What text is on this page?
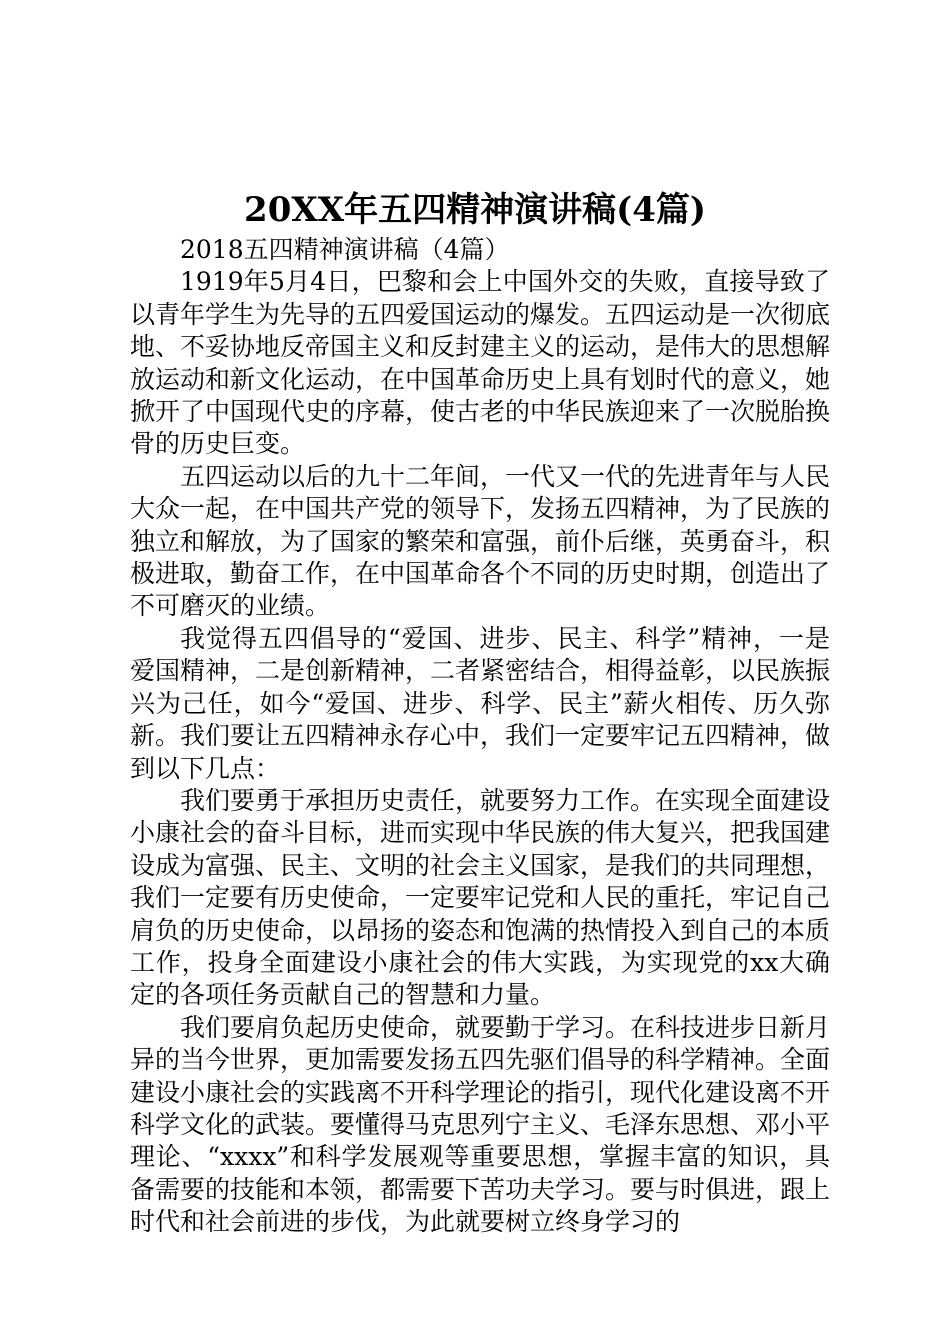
20XX年五四精神演讲稿(4篇)

2018五四精神演讲稿（4篇）

1919年5月4日，巴黎和会上中国外交的失败，直接导致了以青年学生为先导的五四爱国运动的爆发。五四运动是一次彻底地、不妥协地反帝国主义和反封建主义的运动，是伟大的思想解放运动和新文化运动，在中国革命历史上具有划时代的意义，她掀开了中国现代史的序幕，使古老的中华民族迎来了一次脱胎换骨的历史巨变。

五四运动以后的九十二年间，一代又一代的先进青年与人民大众一起，在中国共产党的领导下，发扬五四精神，为了民族的独立和解放，为了国家的繁荣和富强，前仆后继，英勇奋斗，积极进取，勤奋工作，在中国革命各个不同的历史时期，创造出了不可磨灭的业绩。

我觉得五四倡导的“爱国、进步、民主、科学”精神，一是爱国精神，二是创新精神，二者紧密结合，相得益彰，以民族振兴为己任，如今“爱国、进步、科学、民主”薪火相传、历久弥新。我们要让五四精神永存心中，我们一定要牢记五四精神，做到以下几点：

我们要勇于承担历史责任，就要努力工作。在实现全面建设小康社会的奋斗目标，进而实现中华民族的伟大复兴，把我国建设成为富强、民主、文明的社会主义国家，是我们的共同理想，我们一定要有历史使命，一定要牢记党和人民的重托，牢记自己肩负的历史使命，以昂扬的姿态和饱满的热情投入到自己的本质工作，投身全面建设小康社会的伟大实践，为实现党的xx大确定的各项任务贡献自己的智慧和力量。

我们要肩负起历史使命，就要勤于学习。在科技进步日新月异的当今世界，更加需要发扬五四先驱们倡导的科学精神。全面建设小康社会的实践离不开科学理论的指引，现代化建设离不开科学文化的武装。要懂得马克思列宁主义、毛泽东思想、邓小平理论、“xxxx”和科学发展观等重要思想，掌握丰富的知识，具备需要的技能和本领，都需要下苦功夫学习。要与时俱进，跟上时代和社会前进的步伐，为此就要树立终身学习的
